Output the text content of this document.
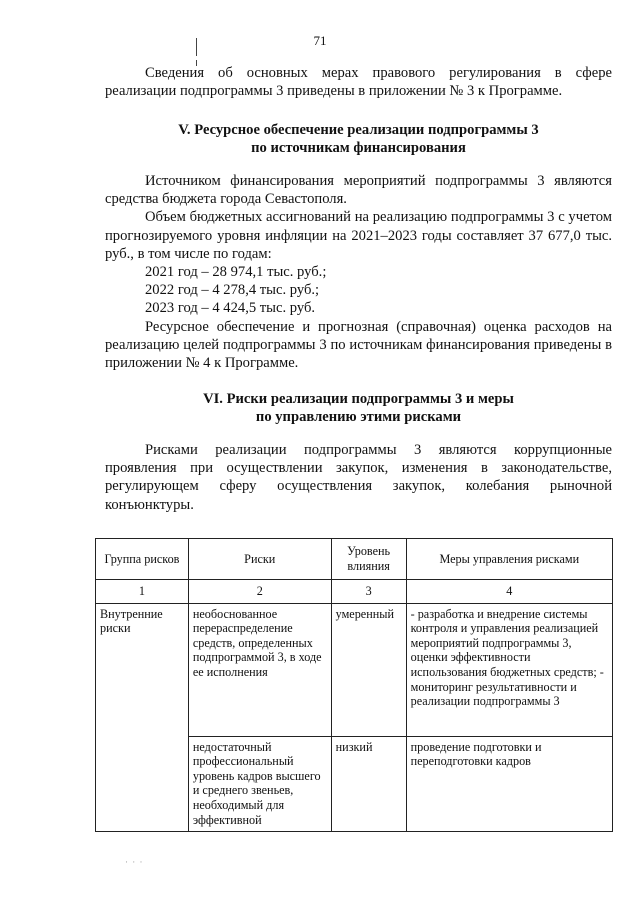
71

Сведения об основных мерах правового регулирования в сфере реализации подпрограммы 3 приведены в приложении № 3 к Программе.

V. Ресурсное обеспечение реализации подпрограммы 3

по источникам финансирования

Источником финансирования мероприятий подпрограммы 3 являются средства бюджета города Севастополя.

Объем бюджетных ассигнований на реализацию подпрограммы 3 с учетом прогнозируемого уровня инфляции на 2021–2023 годы составляет 37 677,0 тыс. руб., в том числе по годам:

2021 год – 28 974,1 тыс. руб.;

2022 год – 4 278,4 тыс. руб.;

2023 год – 4 424,5 тыс. руб.

Ресурсное обеспечение и прогнозная (справочная) оценка расходов на реализацию целей подпрограммы 3 по источникам финансирования приведены в приложении № 4 к Программе.

VI. Риски реализации подпрограммы 3 и меры

по управлению этими рисками

Рисками реализации подпрограммы 3 являются коррупционные проявления при осуществлении закупок, изменения в законодательстве, регулирующем сферу осуществления закупок, колебания рыночной конъюнктуры.

Группа рисков	Риски	Уровень влияния	Меры управления рисками
1	2	3	4
Внутренние риски	необоснованное перераспределение средств, определенных подпрограммой 3, в ходе ее исполнения	умеренный	- разработка и внедрение системы контроля и управления реализацией мероприятий подпрограммы 3, оценки эффективности использования бюджетных средств; - мониторинг результативности и реализации подпрограммы 3
	недостаточный профессиональный уровень кадров высшего и среднего звеньев, необходимый для эффективной	низкий	проведение подготовки и переподготовки кадров
· · ·
